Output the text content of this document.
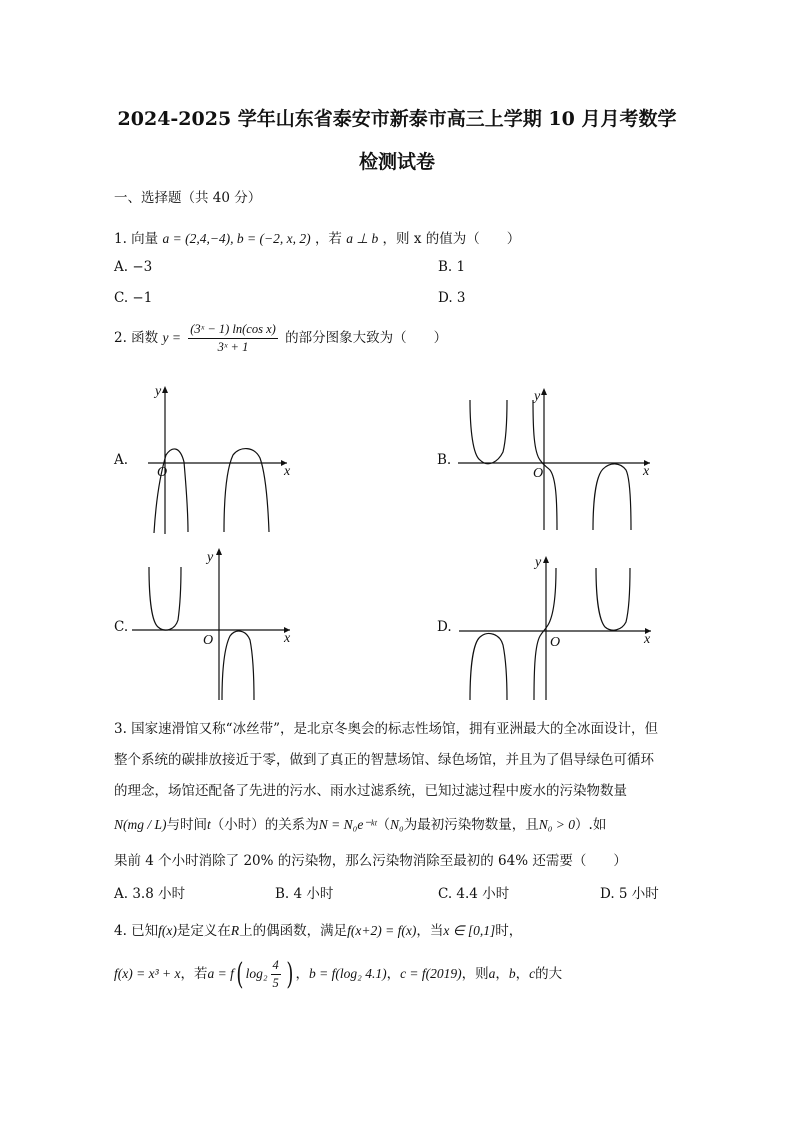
2024-2025 学年山东省泰安市新泰市高三上学期 10 月月考数学
检测试卷
一、选择题（共 40 分）
1. 向量 a = (2,4,−4), b = (−2, x, 2) ，若 a ⊥ b ，则 x 的值为（　　）
A. −3	B. 1
C. −1	D. 3
2. 函数 $y = \frac{\text{(3ˣ − 1) ln(cos x)}}{\text{3ˣ + 1}}$ 的部分图象大致为（　　）
A.	B.
C.	D.
y
x
O
y
x
O
y
x
O
y
x
O
3. 国家速滑馆又称“冰丝带”，是北京冬奥会的标志性场馆，拥有亚洲最大的全冰面设计，但
整个系统的碳排放接近于零，做到了真正的智慧场馆、绿色场馆，并且为了倡导绿色可循环
的理念，场馆还配备了先进的污水、雨水过滤系统，已知过滤过程中废水的污染物数量
N(mg / L)与时间t（小时）的关系为N = N₀e⁻ᵏᵗ（N₀为最初污染物数量，且N₀ > 0）.如
果前 4 个小时消除了 20% 的污染物，那么污染物消除至最初的 64% 还需要（　　）
A. 3.8 小时	B. 4 小时	C. 4.4 小时	D. 5 小时
4. 已知f(x)是定义在R上的偶函数，满足f(x+2) = f(x)，当x ∈ [0,1]时，
f(x) = x³ + x，若a = f( $\log_2 \frac{4}{5}$ ) ，b = f(log₂ 4.1)，c = f(2019)，则a，b，c的大
